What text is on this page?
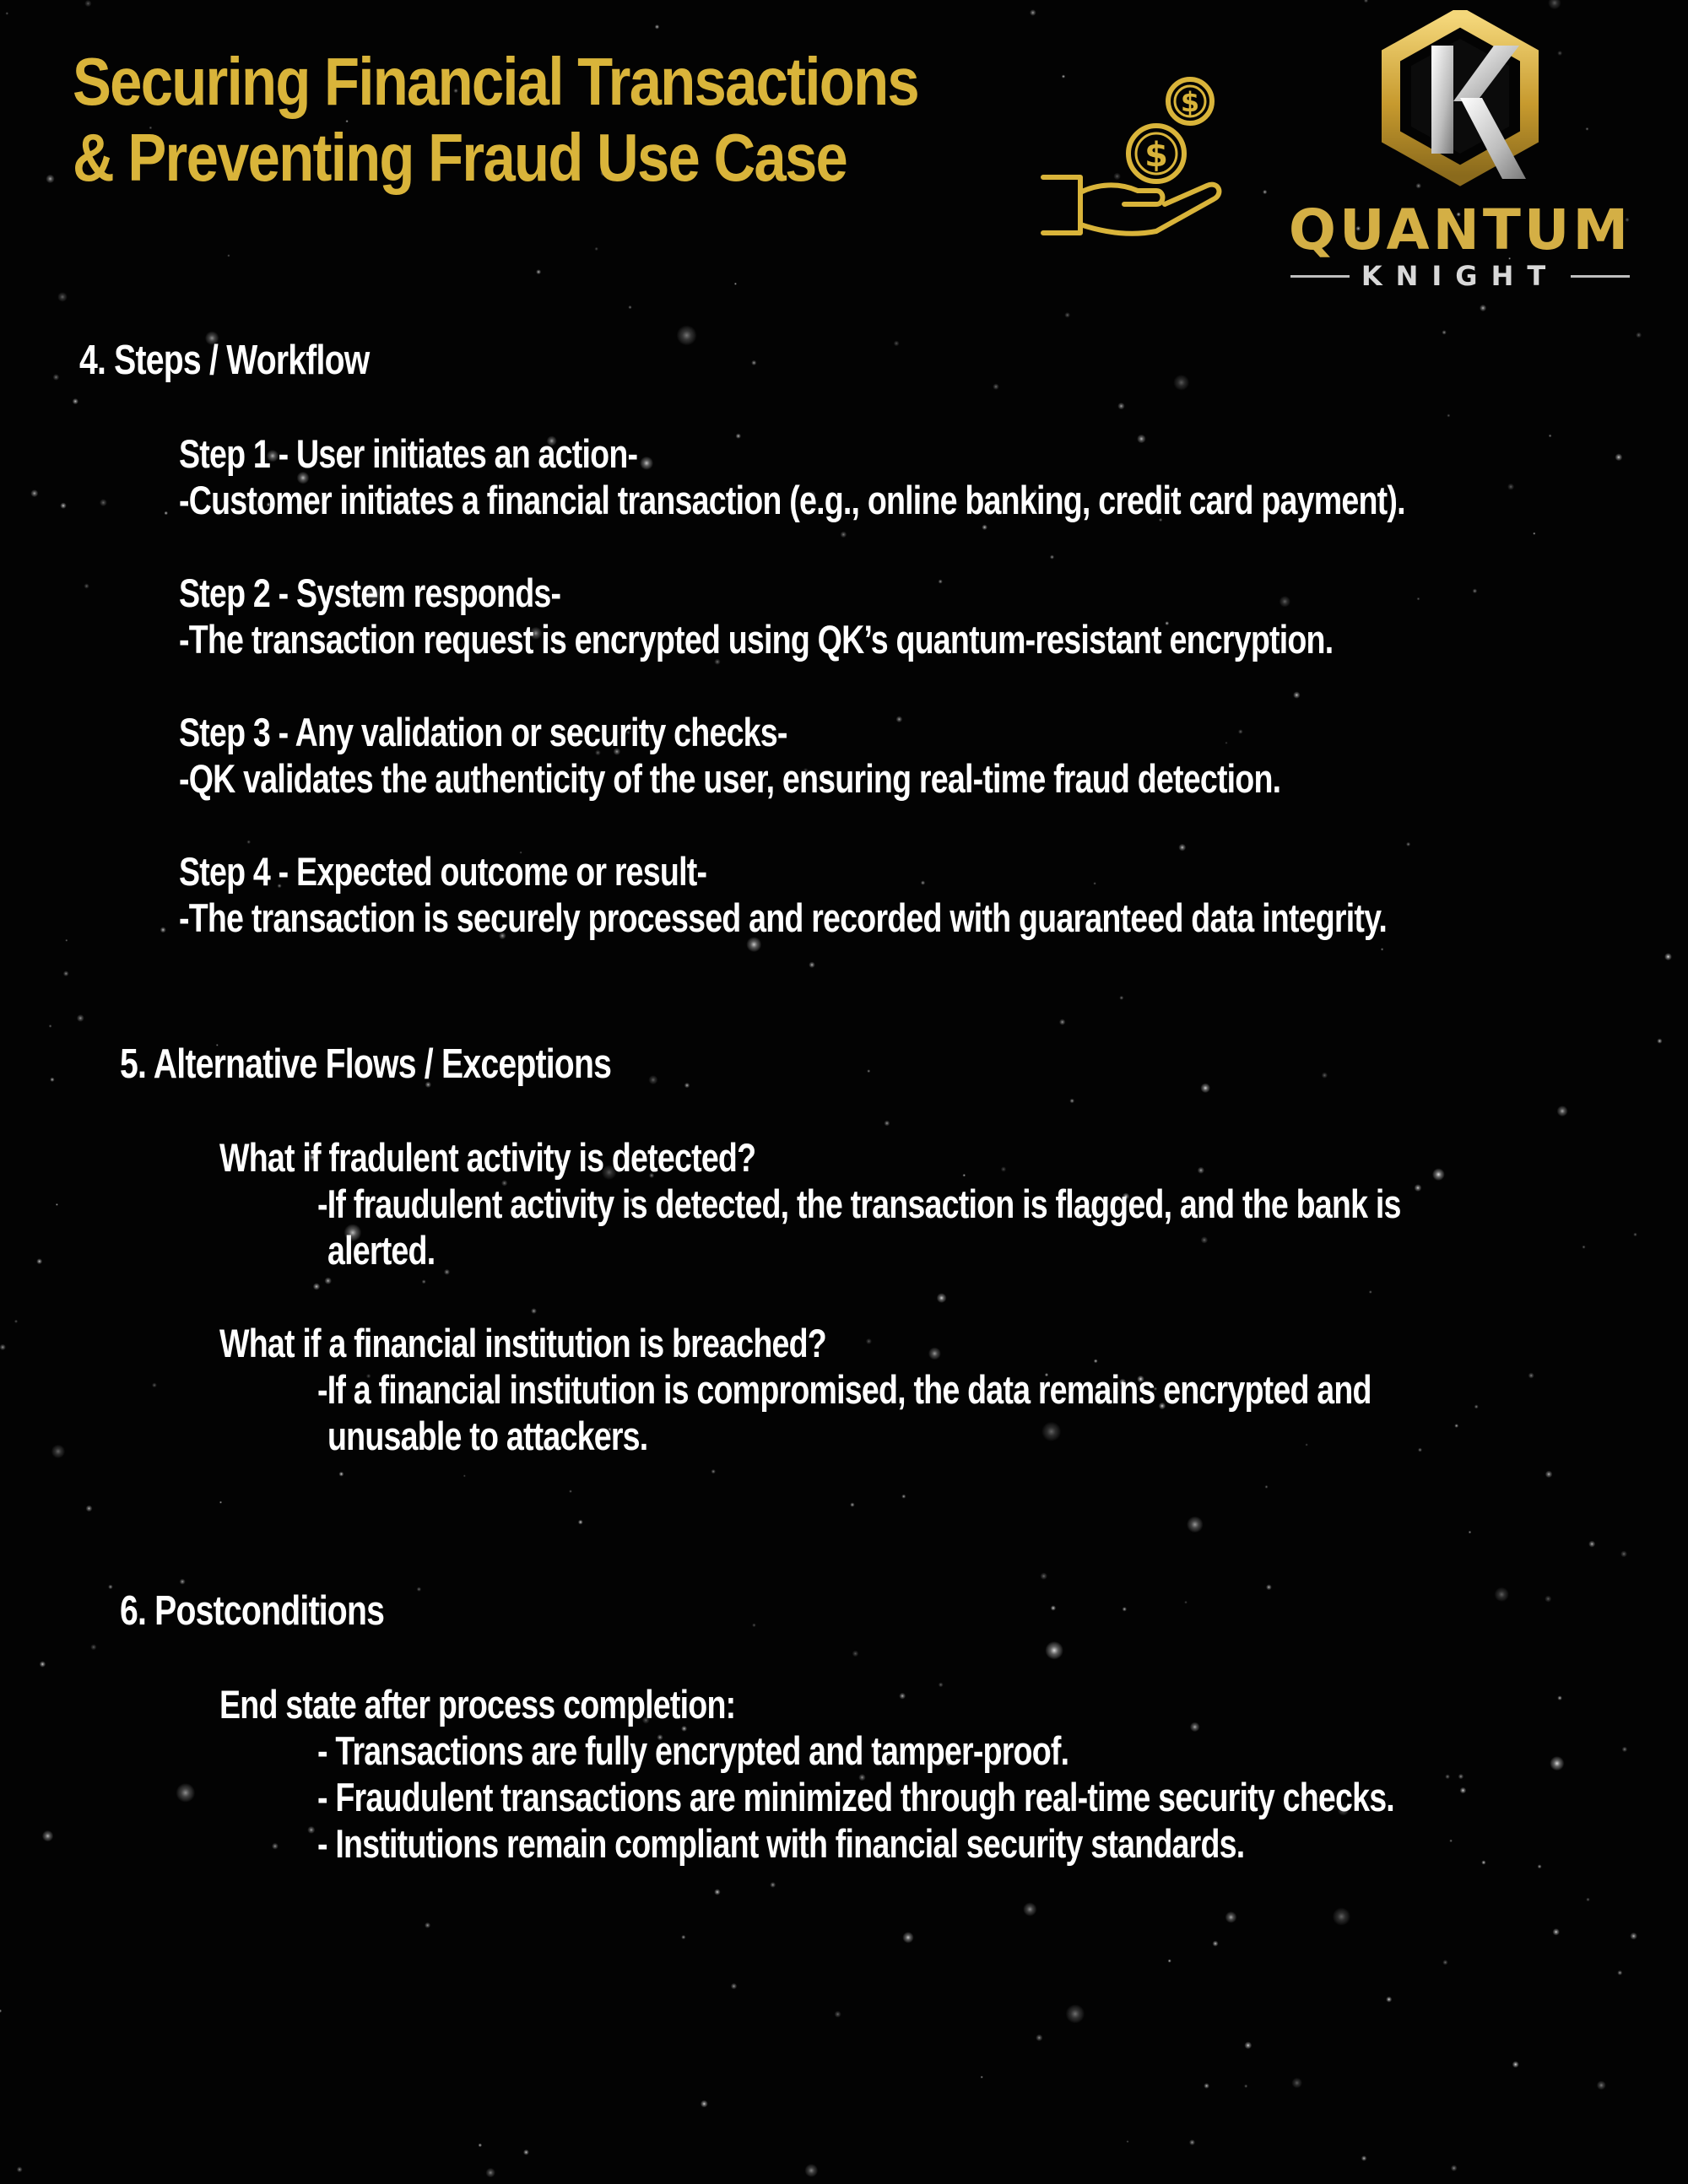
Securing Financial Transactions
& Preventing Fraud Use Case
$
$
QUANTUM
KNIGHT

4. Steps / Workflow

Step 1 - User initiates an action-

-Customer initiates a financial transaction (e.g., online banking, credit card payment).

Step 2 - System responds-

-The transaction request is encrypted using QK’s quantum-resistant encryption.

Step 3 - Any validation or security checks-

-QK validates the authenticity of the user, ensuring real-time fraud detection.

Step 4 - Expected outcome or result-

-The transaction is securely processed and recorded with guaranteed data integrity.

5. Alternative Flows / Exceptions

What if fradulent activity is detected?

-If fraudulent activity is detected, the transaction is flagged, and the bank is

alerted.

What if a financial institution is breached?

-If a financial institution is compromised, the data remains encrypted and

unusable to attackers.

6. Postconditions

End state after process completion:

- Transactions are fully encrypted and tamper-proof.

- Fraudulent transactions are minimized through real-time security checks.

- Institutions remain compliant with financial security standards.
